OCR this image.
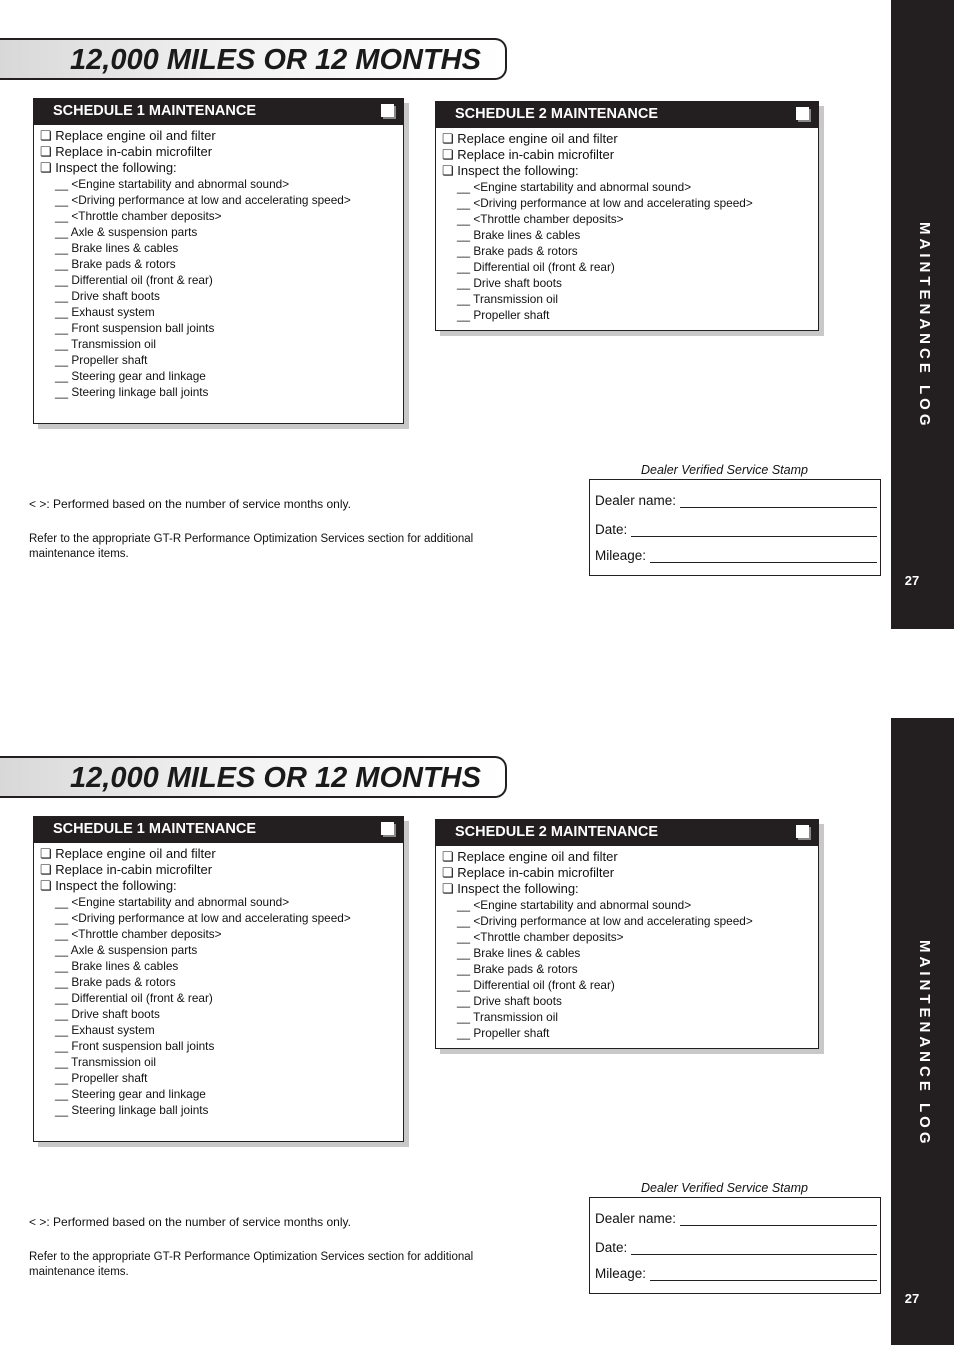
MAINTENANCE LOG
27
12,000 MILES OR 12 MONTHS
SCHEDULE 1 MAINTENANCE
❏ Replace engine oil and filter
❏ Replace in-cabin microfilter
❏ Inspect the following:
__ <Engine startability and abnormal sound>
__ <Driving performance at low and accelerating speed>
__ <Throttle chamber deposits>
__ Axle & suspension parts
__ Brake lines & cables
__ Brake pads & rotors
__ Differential oil (front & rear)
__ Drive shaft boots
__ Exhaust system
__ Front suspension ball joints
__ Transmission oil
__ Propeller shaft
__ Steering gear and linkage
__ Steering linkage ball joints
SCHEDULE 2 MAINTENANCE
❏ Replace engine oil and filter
❏ Replace in-cabin microfilter
❏ Inspect the following:
__ <Engine startability and abnormal sound>
__ <Driving performance at low and accelerating speed>
__ <Throttle chamber deposits>
__ Brake lines & cables
__ Brake pads & rotors
__ Differential oil (front & rear)
__ Drive shaft boots
__ Transmission oil
__ Propeller shaft
< >: Performed based on the number of service months only.
Refer to the appropriate GT-R Performance Optimization Services section for additional maintenance items.
Dealer Verified Service Stamp
Dealer name:
Date:
Mileage:
MAINTENANCE LOG
27
12,000 MILES OR 12 MONTHS
SCHEDULE 1 MAINTENANCE
❏ Replace engine oil and filter
❏ Replace in-cabin microfilter
❏ Inspect the following:
__ <Engine startability and abnormal sound>
__ <Driving performance at low and accelerating speed>
__ <Throttle chamber deposits>
__ Axle & suspension parts
__ Brake lines & cables
__ Brake pads & rotors
__ Differential oil (front & rear)
__ Drive shaft boots
__ Exhaust system
__ Front suspension ball joints
__ Transmission oil
__ Propeller shaft
__ Steering gear and linkage
__ Steering linkage ball joints
SCHEDULE 2 MAINTENANCE
❏ Replace engine oil and filter
❏ Replace in-cabin microfilter
❏ Inspect the following:
__ <Engine startability and abnormal sound>
__ <Driving performance at low and accelerating speed>
__ <Throttle chamber deposits>
__ Brake lines & cables
__ Brake pads & rotors
__ Differential oil (front & rear)
__ Drive shaft boots
__ Transmission oil
__ Propeller shaft
< >: Performed based on the number of service months only.
Refer to the appropriate GT-R Performance Optimization Services section for additional maintenance items.
Dealer Verified Service Stamp
Dealer name:
Date:
Mileage:
